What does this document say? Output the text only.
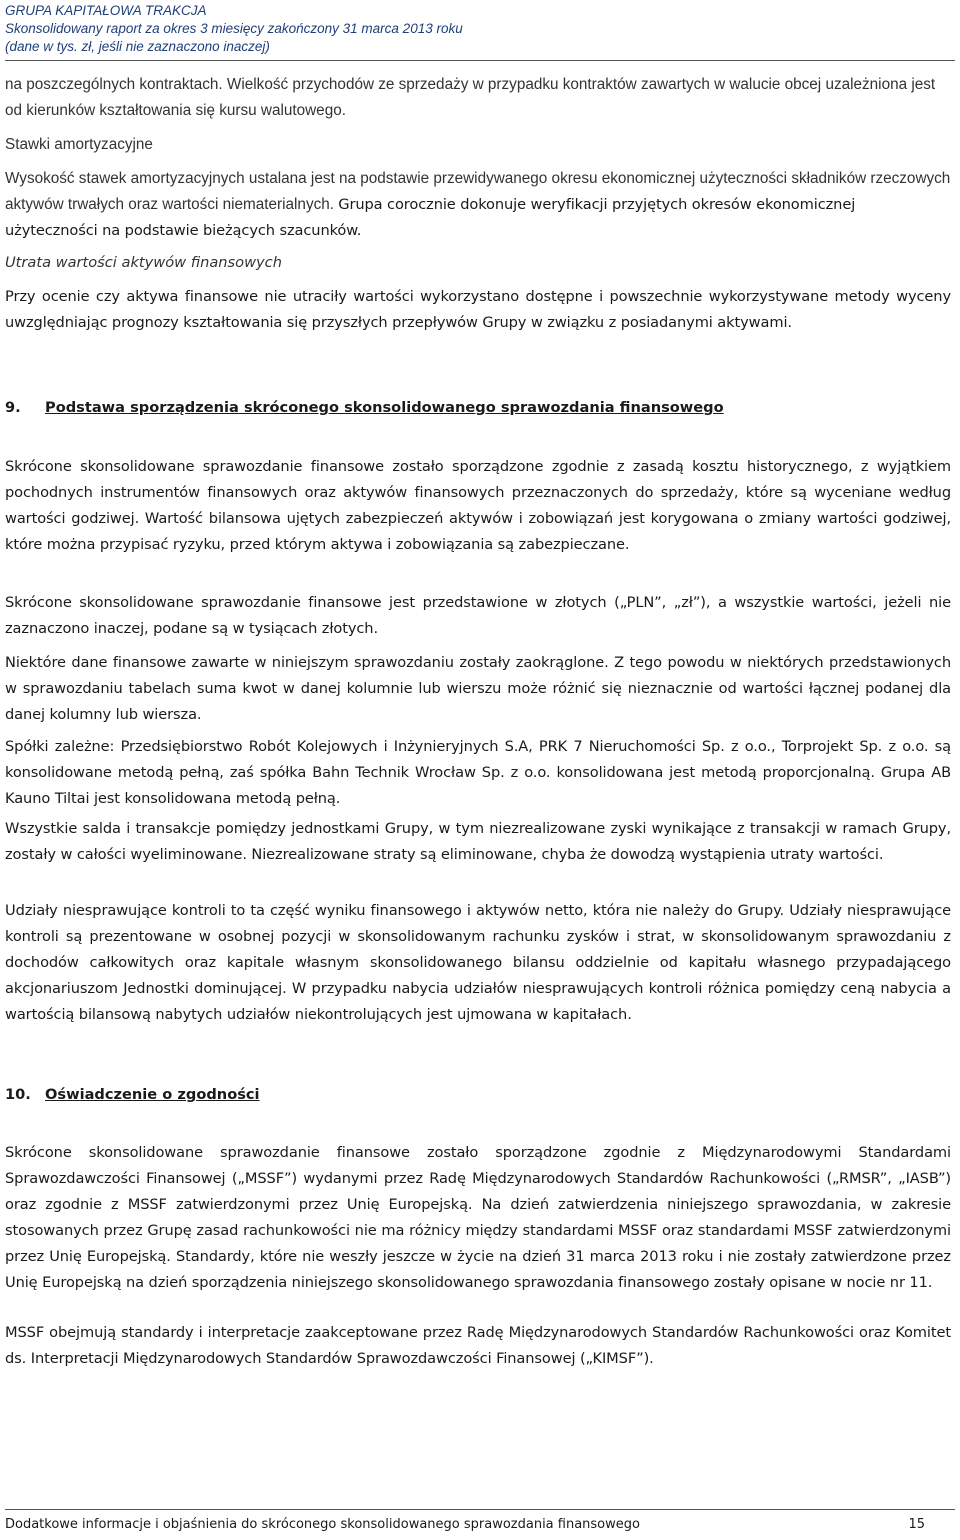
GRUPA KAPITAŁOWA TRAKCJA
Skonsolidowany raport za okres 3 miesięcy zakończony 31 marca 2013 roku
(dane w tys. zł, jeśli nie zaznaczono inaczej)

na poszczególnych kontraktach. Wielkość przychodów ze sprzedaży w przypadku kontraktów zawartych w walucie obcej uzależniona jest od kierunków kształtowania się kursu walutowego.

Stawki amortyzacyjne

Wysokość stawek amortyzacyjnych ustalana jest na podstawie przewidywanego okresu ekonomicznej użyteczności składników rzeczowych aktywów trwałych oraz wartości niematerialnych. Grupa corocznie dokonuje weryfikacji przyjętych okresów ekonomicznej użyteczności na podstawie bieżących szacunków.

Utrata wartości aktywów finansowych

Przy ocenie czy aktywa finansowe nie utraciły wartości wykorzystano dostępne i powszechnie wykorzystywane metody wyceny uwzględniając prognozy kształtowania się przyszłych przepływów Grupy w związku z posiadanymi aktywami.

9. Podstawa sporządzenia skróconego skonsolidowanego sprawozdania finansowego

Skrócone skonsolidowane sprawozdanie finansowe zostało sporządzone zgodnie z zasadą kosztu historycznego, z wyjątkiem pochodnych instrumentów finansowych oraz aktywów finansowych przeznaczonych do sprzedaży, które są wyceniane według wartości godziwej. Wartość bilansowa ujętych zabezpieczeń aktywów i zobowiązań jest korygowana o zmiany wartości godziwej, które można przypisać ryzyku, przed którym aktywa i zobowiązania są zabezpieczane.

Skrócone skonsolidowane sprawozdanie finansowe jest przedstawione w złotych („PLN”, „zł”), a wszystkie wartości, jeżeli nie zaznaczono inaczej, podane są w tysiącach złotych.

Niektóre dane finansowe zawarte w niniejszym sprawozdaniu zostały zaokrąglone. Z tego powodu w niektórych przedstawionych w sprawozdaniu tabelach suma kwot w danej kolumnie lub wierszu może różnić się nieznacznie od wartości łącznej podanej dla danej kolumny lub wiersza.

Spółki zależne: Przedsiębiorstwo Robót Kolejowych i Inżynieryjnych S.A, PRK 7 Nieruchomości Sp. z o.o., Torprojekt Sp. z o.o. są konsolidowane metodą pełną, zaś spółka Bahn Technik Wrocław Sp. z o.o. konsolidowana jest metodą proporcjonalną. Grupa AB Kauno Tiltai jest konsolidowana metodą pełną.

Wszystkie salda i transakcje pomiędzy jednostkami Grupy, w tym niezrealizowane zyski wynikające z transakcji w ramach Grupy, zostały w całości wyeliminowane. Niezrealizowane straty są eliminowane, chyba że dowodzą wystąpienia utraty wartości.

Udziały niesprawujące kontroli to ta część wyniku finansowego i aktywów netto, która nie należy do Grupy. Udziały niesprawujące kontroli są prezentowane w osobnej pozycji w skonsolidowanym rachunku zysków i strat, w skonsolidowanym sprawozdaniu z dochodów całkowitych oraz kapitale własnym skonsolidowanego bilansu oddzielnie od kapitału własnego przypadającego akcjonariuszom Jednostki dominującej. W przypadku nabycia udziałów niesprawujących kontroli różnica pomiędzy ceną nabycia a wartością bilansową nabytych udziałów niekontrolujących jest ujmowana w kapitałach.

10. Oświadczenie o zgodności

Skrócone skonsolidowane sprawozdanie finansowe zostało sporządzone zgodnie z Międzynarodowymi Standardami Sprawozdawczości Finansowej („MSSF”) wydanymi przez Radę Międzynarodowych Standardów Rachunkowości („RMSR”, „IASB”) oraz zgodnie z MSSF zatwierdzonymi przez Unię Europejską. Na dzień zatwierdzenia niniejszego sprawozdania, w zakresie stosowanych przez Grupę zasad rachunkowości nie ma różnicy między standardami MSSF oraz standardami MSSF zatwierdzonymi przez Unię Europejską. Standardy, które nie weszły jeszcze w życie na dzień 31 marca 2013 roku i nie zostały zatwierdzone przez Unię Europejską na dzień sporządzenia niniejszego skonsolidowanego sprawozdania finansowego zostały opisane w nocie nr 11.

MSSF obejmują standardy i interpretacje zaakceptowane przez Radę Międzynarodowych Standardów Rachunkowości oraz Komitet ds. Interpretacji Międzynarodowych Standardów Sprawozdawczości Finansowej („KIMSF”).

Dodatkowe informacje i objaśnienia do skróconego skonsolidowanego sprawozdania finansowego	15
